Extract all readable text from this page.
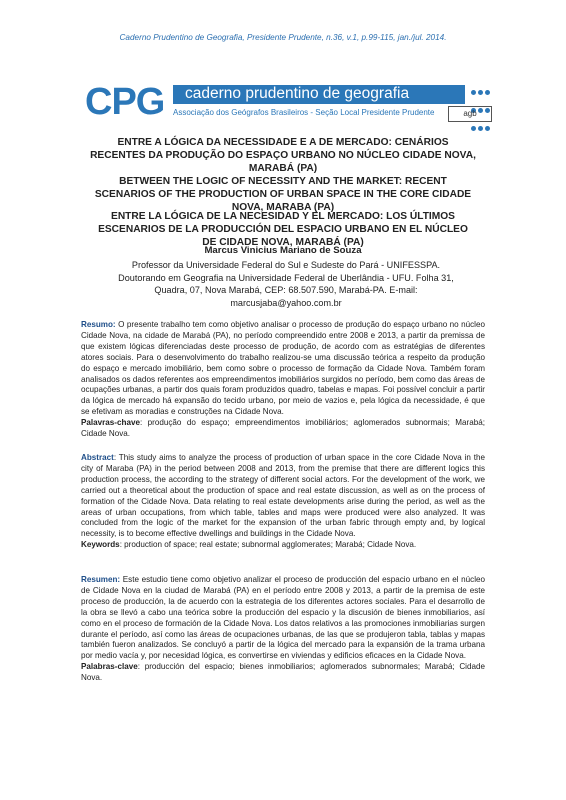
Caderno Prudentino de Geografia, Presidente Prudente, n.36, v.1, p.99-115, jan./jul. 2014.
CPG caderno prudentino de geografia

Associação dos Geógrafos Brasileiros - Seção Local Presidente Prudente	agb
ENTRE A LÓGICA DA NECESSIDADE E A DE MERCADO: CENÁRIOS RECENTES DA PRODUÇÃO DO ESPAÇO URBANO NO NÚCLEO CIDADE NOVA, MARABÁ (PA)
BETWEEN THE LOGIC OF NECESSITY AND THE MARKET: RECENT SCENARIOS OF THE PRODUCTION OF URBAN SPACE IN THE CORE CIDADE NOVA, MARABA (PA)
ENTRE LA LÓGICA DE LA NECESIDAD Y EL MERCADO: LOS ÚLTIMOS ESCENARIOS DE LA PRODUCCIÓN DEL ESPACIO URBANO EN EL NÚCLEO DE CIDADE NOVA, MARABÁ (PA)
Marcus Vinicius Mariano de Souza
Professor da Universidade Federal do Sul e Sudeste do Pará - UNIFESSPA. Doutorando em Geografia na Universidade Federal de Uberlândia - UFU. Folha 31, Quadra, 07, Nova Marabá, CEP: 68.507.590, Marabá-PA. E-mail: marcusjaba@yahoo.com.br
Resumo: O presente trabalho tem como objetivo analisar o processo de produção do espaço urbano no núcleo Cidade Nova, na cidade de Marabá (PA), no período compreendido entre 2008 e 2013, a partir da premissa de que existem lógicas diferenciadas deste processo de produção, de acordo com as estratégias de diferentes atores sociais. Para o desenvolvimento do trabalho realizou-se uma discussão teórica a respeito da produção do espaço e mercado imobiliário, bem como sobre o processo de formação da Cidade Nova. Também foram analisados os dados referentes aos empreendimentos imobiliários surgidos no período, bem como das áreas de ocupações urbanas, a partir dos quais foram produzidos quadro, tabelas e mapas. Foi possível concluir a partir da lógica de mercado há expansão do tecido urbano, por meio de vazios e, pela lógica da necessidade, é que se efetivam as moradias e construções na Cidade Nova.
Palavras-chave: produção do espaço; empreendimentos imobiliários; aglomerados subnormais; Marabá; Cidade Nova.
Abstract: This study aims to analyze the process of production of urban space in the core Cidade Nova in the city of Maraba (PA) in the period between 2008 and 2013, from the premise that there are different logics this production process, the according to the strategy of different social actors. For the development of the work, we carried out a theoretical about the production of space and real estate discussion, as well as on the process of formation of the Cidade Nova. Data relating to real estate developments arise during the period, as well as the areas of urban occupations, from which table, tables and maps were produced were also analyzed. It was concluded from the logic of the market for the expansion of the urban fabric through empty and, by logical necessity, is to become effective dwellings and buildings in the Cidade Nova.
Keywords: production of space; real estate; subnormal agglomerates; Marabá; Cidade Nova.
Resumen: Este estudio tiene como objetivo analizar el proceso de producción del espacio urbano en el núcleo de Cidade Nova en la ciudad de Marabá (PA) en el período entre 2008 y 2013, a partir de la premisa de este proceso de producción, la de acuerdo con la estrategia de los diferentes actores sociales. Para el desarrollo de la obra se llevó a cabo una teórica sobre la producción del espacio y la discusión de bienes inmobiliarios, así como en el proceso de formación de la Cidade Nova. Los datos relativos a las promociones inmobiliarias surgen durante el período, así como las áreas de ocupaciones urbanas, de las que se produjeron tabla, tablas y mapas también fueron analizados. Se concluyó a partir de la lógica del mercado para la expansión de la trama urbana por medio vacía y, por necesidad lógica, es convertirse en viviendas y edificios eficaces en la Cidade Nova.
Palabras-clave: producción del espacio; bienes inmobiliarios; aglomerados subnormales; Marabá; Cidade Nova.
